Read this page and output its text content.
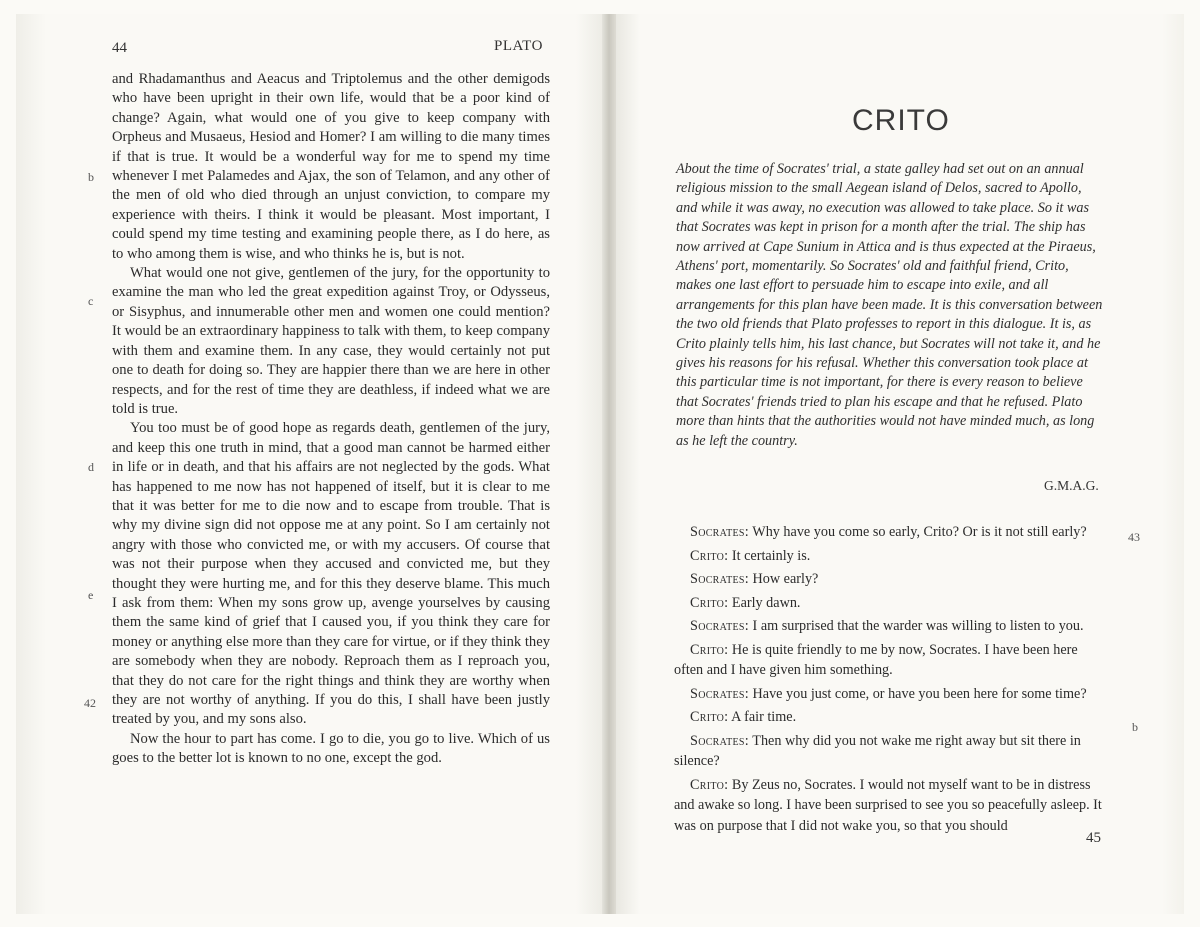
44	PLATO

and Rhadamanthus and Aeacus and Triptolemus and the other demigods who have been upright in their own life, would that be a poor kind of change? Again, what would one of you give to keep company with Orpheus and Musaeus, Hesiod and Homer? I am willing to die many times if that is true. It would be a wonderful way for me to spend my time whenever I met Palamedes and Ajax, the son of Telamon, and any other of the men of old who died through an unjust conviction, to compare my experience with theirs. I think it would be pleasant. Most important, I could spend my time testing and examining people there, as I do here, as to who among them is wise, and who thinks he is, but is not.

What would one not give, gentlemen of the jury, for the opportunity to examine the man who led the great expedition against Troy, or Odysseus, or Sisyphus, and innumerable other men and women one could mention? It would be an extraordinary happiness to talk with them, to keep company with them and examine them. In any case, they would certainly not put one to death for doing so. They are happier there than we are here in other respects, and for the rest of time they are deathless, if indeed what we are told is true.

You too must be of good hope as regards death, gentlemen of the jury, and keep this one truth in mind, that a good man cannot be harmed either in life or in death, and that his affairs are not neglected by the gods. What has happened to me now has not happened of itself, but it is clear to me that it was better for me to die now and to escape from trouble. That is why my divine sign did not oppose me at any point. So I am certainly not angry with those who convicted me, or with my accusers. Of course that was not their purpose when they accused and convicted me, but they thought they were hurting me, and for this they deserve blame. This much I ask from them: When my sons grow up, avenge yourselves by causing them the same kind of grief that I caused you, if you think they care for money or anything else more than they care for virtue, or if they think they are somebody when they are nobody. Reproach them as I reproach you, that they do not care for the right things and think they are worthy when they are not worthy of anything. If you do this, I shall have been justly treated by you, and my sons also.

Now the hour to part has come. I go to die, you go to live. Which of us goes to the better lot is known to no one, except the god.

b
c
d
e
42
CRITO
About the time of Socrates' trial, a state galley had set out on an annual religious mission to the small Aegean island of Delos, sacred to Apollo, and while it was away, no execution was allowed to take place. So it was that Socrates was kept in prison for a month after the trial. The ship has now arrived at Cape Sunium in Attica and is thus expected at the Piraeus, Athens' port, momentarily. So Socrates' old and faithful friend, Crito, makes one last effort to persuade him to escape into exile, and all arrangements for this plan have been made. It is this conversation between the two old friends that Plato professes to report in this dialogue. It is, as Crito plainly tells him, his last chance, but Socrates will not take it, and he gives his reasons for his refusal. Whether this conversation took place at this particular time is not important, for there is every reason to believe that Socrates' friends tried to plan his escape and that he refused. Plato more than hints that the authorities would not have minded much, as long as he left the country.
G.M.A.G.

Socrates: Why have you come so early, Crito? Or is it not still early?

Crito: It certainly is.

Socrates: How early?

Crito: Early dawn.

Socrates: I am surprised that the warder was willing to listen to you.

Crito: He is quite friendly to me by now, Socrates. I have been here often and I have given him something.

Socrates: Have you just come, or have you been here for some time?

Crito: A fair time.

Socrates: Then why did you not wake me right away but sit there in silence?

Crito: By Zeus no, Socrates. I would not myself want to be in distress and awake so long. I have been surprised to see you so peacefully asleep. It was on purpose that I did not wake you, so that you should

43
b
45
